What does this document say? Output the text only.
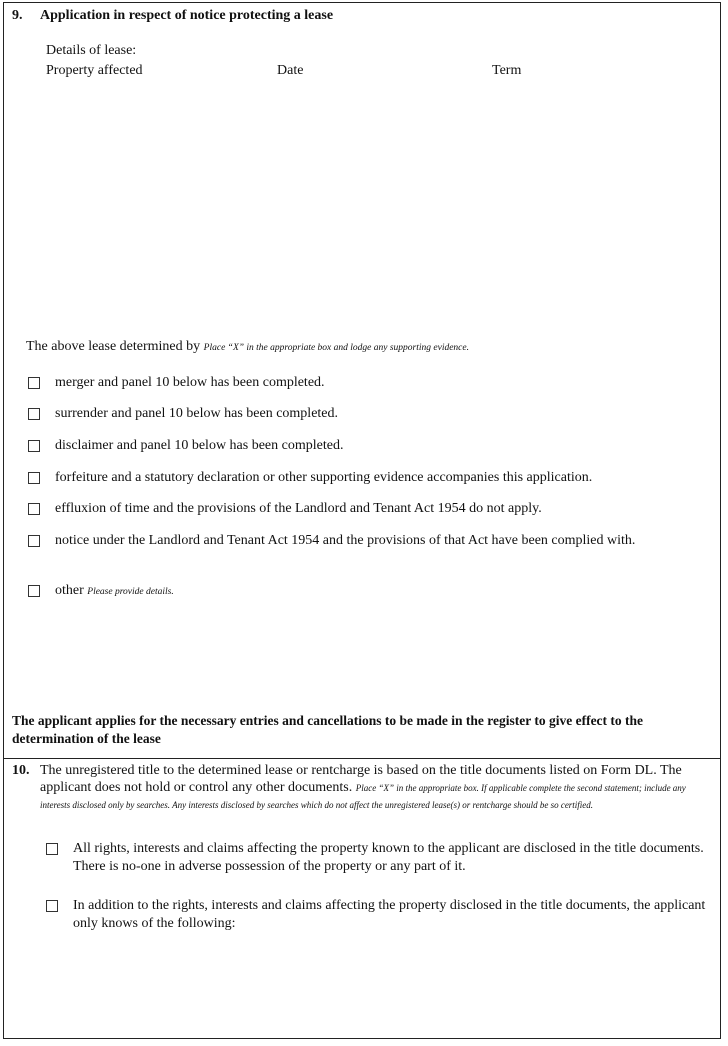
9. Application in respect of notice protecting a lease
Details of lease:
Property affected	Date	Term
The above lease determined by Place “X” in the appropriate box and lodge any supporting evidence.
merger and panel 10 below has been completed.
surrender and panel 10 below has been completed.
disclaimer and panel 10 below has been completed.
forfeiture and a statutory declaration or other supporting evidence accompanies this application.
effluxion of time and the provisions of the Landlord and Tenant Act 1954 do not apply.
notice under the Landlord and Tenant Act 1954 and the provisions of that Act have been complied with.
other Please provide details.
The applicant applies for the necessary entries and cancellations to be made in the register to give effect to the determination of the lease
10. The unregistered title to the determined lease or rentcharge is based on the title documents listed on Form DL. The applicant does not hold or control any other documents. Place “X” in the appropriate box. If applicable complete the second statement; include any interests disclosed only by searches. Any interests disclosed by searches which do not affect the unregistered lease(s) or rentcharge should be so certified.
All rights, interests and claims affecting the property known to the applicant are disclosed in the title documents. There is no-one in adverse possession of the property or any part of it.
In addition to the rights, interests and claims affecting the property disclosed in the title documents, the applicant only knows of the following:
